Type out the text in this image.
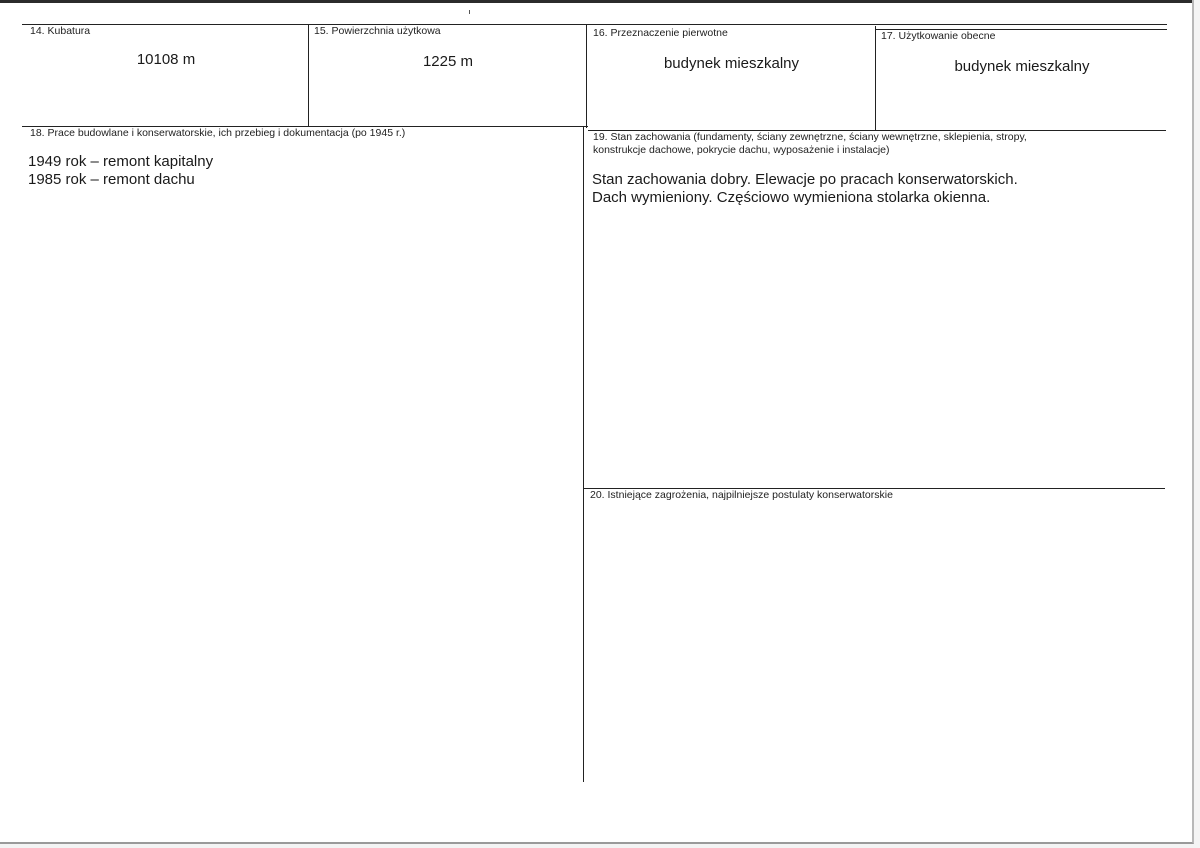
14. Kubatura
10108 m
15. Powierzchnia użytkowa
1225 m
16. Przeznaczenie pierwotne
budynek mieszkalny
17. Użytkowanie obecne
budynek mieszkalny
18. Prace budowlane i konserwatorskie, ich przebieg i dokumentacja (po 1945 r.)
1949 rok – remont kapitalny
1985 rok – remont dachu
19. Stan zachowania (fundamenty, ściany zewnętrzne, ściany wewnętrzne, sklepienia, stropy,
konstrukcje dachowe, pokrycie dachu, wyposażenie i instalacje)
Stan zachowania dobry. Elewacje po pracach konserwatorskich.
Dach wymieniony. Częściowo wymieniona stolarka okienna.
20. Istniejące zagrożenia, najpilniejsze postulaty konserwatorskie
